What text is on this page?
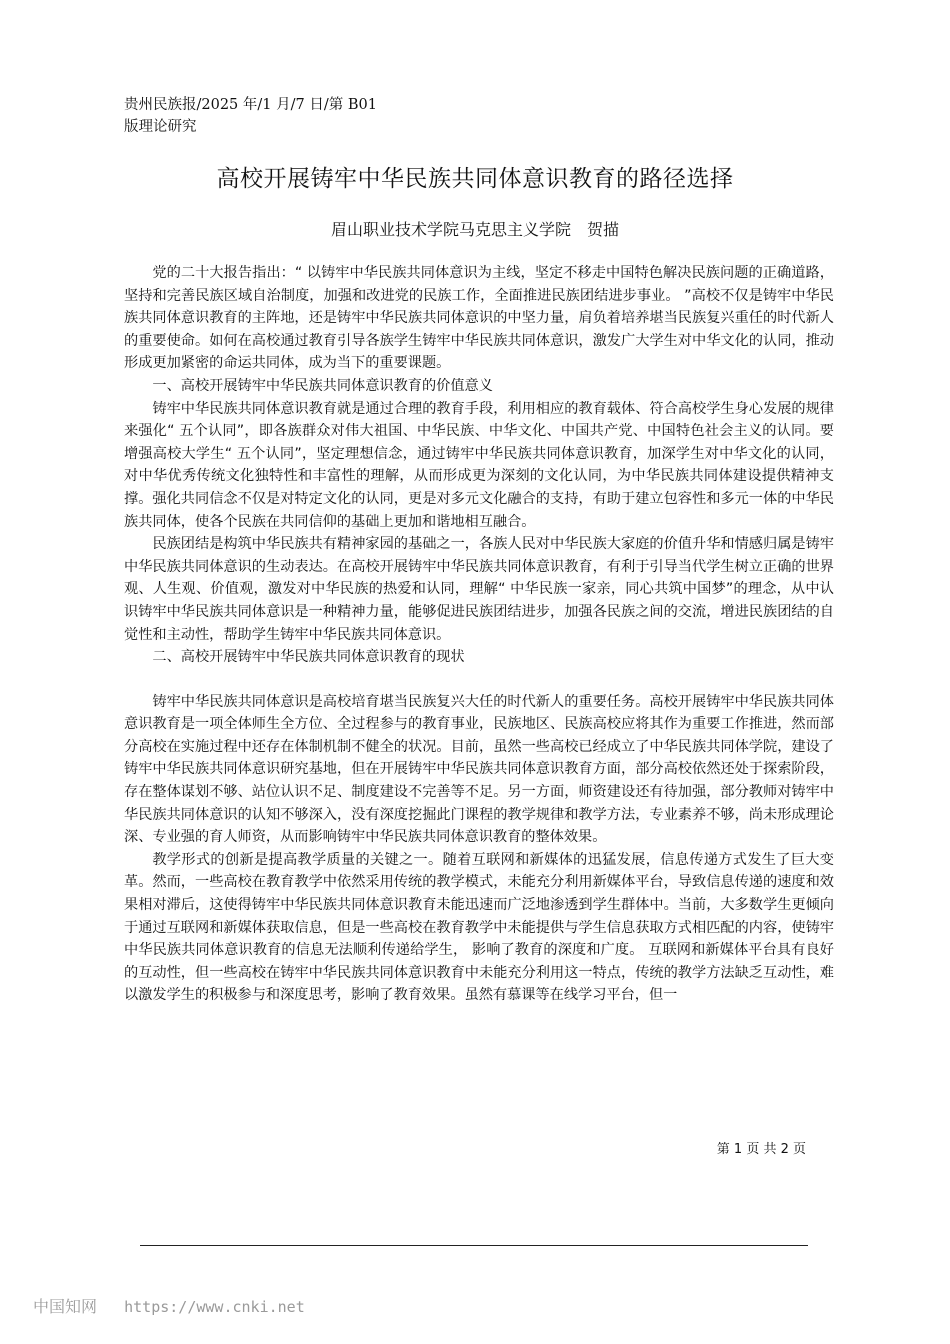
贵州民族报/2025 年/1 月/7 日/第 B01
版理论研究
高校开展铸牢中华民族共同体意识教育的路径选择
眉山职业技术学院马克思主义学院　贺描

党的二十大报告指出：“ 以铸牢中华民族共同体意识为主线，坚定不移走中国特色解决民族问题的正确道路，坚持和完善民族区域自治制度，加强和改进党的民族工作，全面推进民族团结进步事业。 ”高校不仅是铸牢中华民族共同体意识教育的主阵地，还是铸牢中华民族共同体意识的中坚力量，肩负着培养堪当民族复兴重任的时代新人的重要使命。如何在高校通过教育引导各族学生铸牢中华民族共同体意识，激发广大学生对中华文化的认同，推动形成更加紧密的命运共同体，成为当下的重要课题。

一、高校开展铸牢中华民族共同体意识教育的价值意义

铸牢中华民族共同体意识教育就是通过合理的教育手段，利用相应的教育载体、符合高校学生身心发展的规律来强化“ 五个认同”，即各族群众对伟大祖国、中华民族、中华文化、中国共产党、中国特色社会主义的认同。要增强高校大学生“ 五个认同”，坚定理想信念，通过铸牢中华民族共同体意识教育，加深学生对中华文化的认同，对中华优秀传统文化独特性和丰富性的理解，从而形成更为深刻的文化认同，为中华民族共同体建设提供精神支撑。强化共同信念不仅是对特定文化的认同，更是对多元文化融合的支持，有助于建立包容性和多元一体的中华民族共同体，使各个民族在共同信仰的基础上更加和谐地相互融合。

民族团结是构筑中华民族共有精神家园的基础之一，各族人民对中华民族大家庭的价值升华和情感归属是铸牢中华民族共同体意识的生动表达。在高校开展铸牢中华民族共同体意识教育，有利于引导当代学生树立正确的世界观、人生观、价值观，激发对中华民族的热爱和认同，理解“ 中华民族一家亲，同心共筑中国梦”的理念，从中认识铸牢中华民族共同体意识是一种精神力量，能够促进民族团结进步，加强各民族之间的交流，增进民族团结的自觉性和主动性，帮助学生铸牢中华民族共同体意识。

二、高校开展铸牢中华民族共同体意识教育的现状

铸牢中华民族共同体意识是高校培育堪当民族复兴大任的时代新人的重要任务。高校开展铸牢中华民族共同体意识教育是一项全体师生全方位、全过程参与的教育事业，民族地区、民族高校应将其作为重要工作推进，然而部分高校在实施过程中还存在体制机制不健全的状况。目前，虽然一些高校已经成立了中华民族共同体学院，建设了铸牢中华民族共同体意识研究基地，但在开展铸牢中华民族共同体意识教育方面，部分高校依然还处于探索阶段，存在整体谋划不够、站位认识不足、制度建设不完善等不足。另一方面，师资建设还有待加强，部分教师对铸牢中华民族共同体意识的认知不够深入，没有深度挖掘此门课程的教学规律和教学方法，专业素养不够，尚未形成理论深、专业强的育人师资，从而影响铸牢中华民族共同体意识教育的整体效果。

教学形式的创新是提高教学质量的关键之一。随着互联网和新媒体的迅猛发展，信息传递方式发生了巨大变革。然而，一些高校在教育教学中依然采用传统的教学模式，未能充分利用新媒体平台，导致信息传递的速度和效果相对滞后，这使得铸牢中华民族共同体意识教育未能迅速而广泛地渗透到学生群体中。当前，大多数学生更倾向于通过互联网和新媒体获取信息，但是一些高校在教育教学中未能提供与学生信息获取方式相匹配的内容，使铸牢中华民族共同体意识教育的信息无法顺利传递给学生， 影响了教育的深度和广度。 互联网和新媒体平台具有良好的互动性，但一些高校在铸牢中华民族共同体意识教育中未能充分利用这一特点，传统的教学方法缺乏互动性，难以激发学生的积极参与和深度思考，影响了教育效果。虽然有慕课等在线学习平台，但一

第 1 页 共 2 页
中国知网 https://www.cnki.net
